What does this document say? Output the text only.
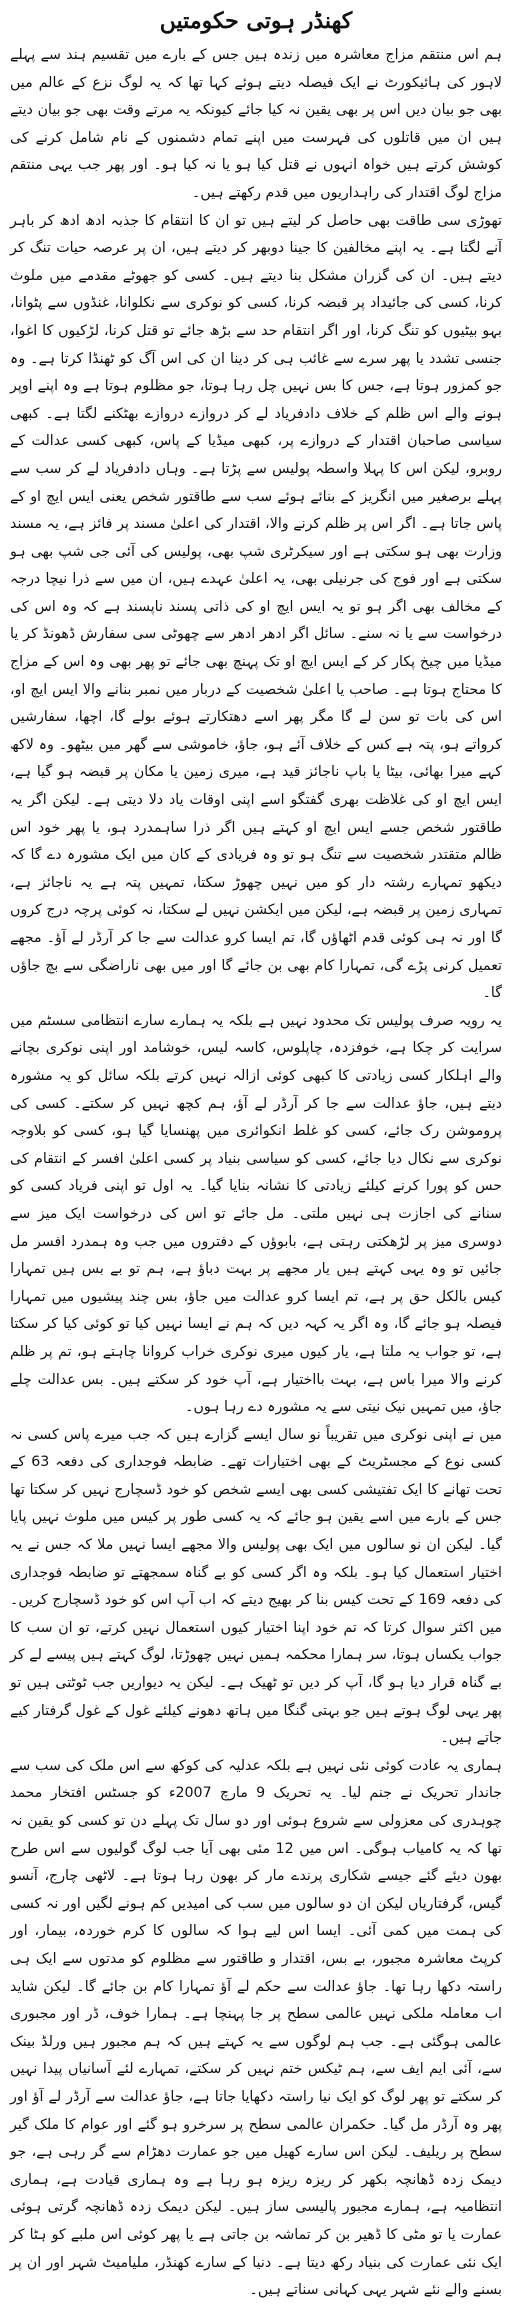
کھنڈر ہوتی حکومتیں

ہم اس منتقم مزاج معاشرہ میں زندہ ہیں جس کے بارے میں تقسیم ہند سے پہلے لاہور کی ہائیکورٹ نے ایک فیصلہ دیتے ہوئے کہا تھا کہ یہ لوگ نزع کے عالم میں بھی جو بیان دیں اس پر بھی یقین نہ کیا جائے کیونکہ یہ مرتے وقت بھی جو بیان دیتے ہیں ان میں قاتلوں کی فہرست میں اپنے تمام دشمنوں کے نام شامل کرنے کی کوشش کرتے ہیں خواہ انہوں نے قتل کیا ہو یا نہ کیا ہو۔ اور پھر جب یہی منتقم مزاج لوگ اقتدار کی راہداریوں میں قدم رکھتے ہیں۔

تھوڑی سی طاقت بھی حاصل کر لیتے ہیں تو ان کا انتقام کا جذبہ ادھ ادھ کر باہر آنے لگتا ہے۔ یہ اپنے مخالفین کا جینا دوبھر کر دیتے ہیں، ان پر عرصہ حیات تنگ کر دیتے ہیں۔ ان کی گزران مشکل بنا دیتے ہیں۔ کسی کو جھوٹے مقدمے میں ملوث کرنا، کسی کی جائیداد پر قبضہ کرنا، کسی کو نوکری سے نکلوانا، غنڈوں سے پٹوانا، بہو بیٹیوں کو تنگ کرنا، اور اگر انتقام حد سے بڑھ جائے تو قتل کرنا، لڑکیوں کا اغوا، جنسی تشدد یا پھر سرے سے غائب ہی کر دینا ان کی اس آگ کو ٹھنڈا کرتا ہے۔ وہ جو کمزور ہوتا ہے، جس کا بس نہیں چل رہا ہوتا، جو مظلوم ہوتا ہے وہ اپنے اوپر ہونے والے اس ظلم کے خلاف دادفریاد لے کر دروازے دروازے بھٹکنے لگتا ہے۔ کبھی سیاسی صاحبان اقتدار کے دروازے پر، کبھی میڈیا کے پاس، کبھی کسی عدالت کے روبرو، لیکن اس کا پہلا واسطہ پولیس سے پڑتا ہے۔ وہاں دادفریاد لے کر سب سے پہلے برصغیر میں انگریز کے بنائے ہوئے سب سے طاقتور شخص یعنی ایس ایچ او کے پاس جاتا ہے۔ اگر اس پر ظلم کرنے والا، اقتدار کی اعلیٰ مسند پر فائز ہے، یہ مسند وزارت بھی ہو سکتی ہے اور سیکرٹری شپ بھی، پولیس کی آئی جی شپ بھی ہو سکتی ہے اور فوج کی جرنیلی بھی، یہ اعلیٰ عہدے ہیں، ان میں سے ذرا نیچا درجہ کے مخالف بھی اگر ہو تو یہ ایس ایچ او کی ذاتی پسند ناپسند ہے کہ وہ اس کی درخواست سے یا نہ سنے۔ سائل اگر ادھر ادھر سے چھوٹی سی سفارش ڈھونڈ کر یا میڈیا میں چیخ پکار کر کے ایس ایچ او تک پہنچ بھی جائے تو پھر بھی وہ اس کے مزاج کا محتاج ہوتا ہے۔ صاحب یا اعلیٰ شخصیت کے دربار میں نمبر بنانے والا ایس ایچ او، اس کی بات تو سن لے گا مگر پھر اسے دھتکارتے ہوئے بولے گا، اچھا، سفارشیں کرواتے ہو، پتہ ہے کس کے خلاف آئے ہو، جاؤ، خاموشی سے گھر میں بیٹھو۔ وہ لاکھ کہے میرا بھائی، بیٹا یا باپ ناجائز قید ہے، میری زمین یا مکان پر قبضہ ہو گیا ہے، ایس ایچ او کی غلاظت بھری گفتگو اسے اپنی اوقات یاد دلا دیتی ہے۔ لیکن اگر یہ طاقتور شخص جسے ایس ایچ او کہتے ہیں اگر ذرا ساہمدرد ہو، یا پھر خود اس ظالم متقتدر شخصیت سے تنگ ہو تو وہ فریادی کے کان میں ایک مشورہ دے گا کہ دیکھو تمہارے رشتہ دار کو میں نہیں چھوڑ سکتا، تمہیں پتہ ہے یہ ناجائز ہے، تمہاری زمین پر قبضہ ہے، لیکن میں ایکشن نہیں لے سکتا، نہ کوئی پرچہ درج کروں گا اور نہ ہی کوئی قدم اٹھاؤں گا، تم ایسا کرو عدالت سے جا کر آرڈر لے آؤ۔ مجھے تعمیل کرنی پڑے گی، تمہارا کام بھی بن جائے گا اور میں بھی ناراضگی سے بچ جاؤں گا۔

یہ رویہ صرف پولیس تک محدود نہیں ہے بلکہ یہ ہمارے سارے انتظامی سسٹم میں سرایت کر چکا ہے، خوفزدہ، چاپلوس، کاسہ لیس، خوشامد اور اپنی نوکری بچانے والے اہلکار کسی زیادتی کا کبھی کوئی ازالہ نہیں کرتے بلکہ سائل کو یہ مشورہ دیتے ہیں، جاؤ عدالت سے جا کر آرڈر لے آؤ، ہم کچھ نہیں کر سکتے۔ کسی کی پروموشن رک جائے، کسی کو غلط انکوائری میں پھنسایا گیا ہو، کسی کو بلاوجہ نوکری سے نکال دیا جائے، کسی کو سیاسی بنیاد پر کسی اعلیٰ افسر کے انتقام کی حس کو پورا کرنے کیلئے زیادتی کا نشانہ بنایا گیا۔ یہ اول تو اپنی فریاد کسی کو سنانے کی اجازت ہی نہیں ملتی۔ مل جائے تو اس کی درخواست ایک میز سے دوسری میز پر لڑھکتی رہتی ہے، بابوؤں کے دفتروں میں جب وہ ہمدرد افسر مل جائیں تو وہ یہی کہتے ہیں یار مجھے پر بہت دباؤ ہے، ہم تو بے بس ہیں تمہارا کیس بالکل حق پر ہے، تم ایسا کرو عدالت میں جاؤ، بس چند پیشیوں میں تمہارا فیصلہ ہو جائے گا، وہ اگر یہ کہہ دیں کہ ہم نے ایسا نہیں کیا تو کوئی کیا کر سکتا ہے، تو جواب یہ ملتا ہے، یار کیوں میری نوکری خراب کروانا چاہتے ہو، تم پر ظلم کرنے والا میرا باس ہے، بہت بااختیار ہے، آپ خود کر سکتے ہیں۔ بس عدالت چلے جاؤ، میں تمہیں نیک نیتی سے یہ مشورہ دے رہا ہوں۔

میں نے اپنی نوکری میں تقریباً نو سال ایسے گزارے ہیں کہ جب میرے پاس کسی نہ کسی نوع کے مجسٹریٹ کے بھی اختیارات تھے۔ ضابطہ فوجداری کی دفعہ 63 کے تحت تھانے کا ایک تفتیشی کسی بھی ایسے شخص کو خود ڈسچارج نہیں کر سکتا تھا جس کے بارے میں اسے یقین ہو جائے کہ یہ کسی طور پر کیس میں ملوث نہیں پایا گیا۔ لیکن ان نو سالوں میں ایک بھی پولیس والا مجھے ایسا نہیں ملا کہ جس نے یہ اختیار استعمال کیا ہو۔ بلکہ وہ اگر کسی کو بے گناہ سمجھتے تو ضابطہ فوجداری کی دفعہ 169 کے تحت کیس بنا کر بھیج دیتے کہ اب آپ اس کو خود ڈسچارج کریں۔ میں اکثر سوال کرتا کہ تم خود اپنا اختیار کیوں استعمال نہیں کرتے، تو ان سب کا جواب یکساں ہوتا، سر ہمارا محکمہ ہمیں نہیں چھوڑتا، لوگ کہتے ہیں پیسے لے کر بے گناہ قرار دیا ہو گا، آپ کر دیں تو ٹھیک ہے۔ لیکن یہ دیواریں جب ٹوٹتی ہیں تو پھر یہی لوگ ہوتے ہیں جو بہتی گنگا میں ہاتھ دھونے کیلئے غول کے غول گرفتار کیے جاتے ہیں۔

ہماری یہ عادت کوئی نئی نہیں ہے بلکہ عدلیہ کی کوکھ سے اس ملک کی سب سے جاندار تحریک نے جنم لیا۔ یہ تحریک 9 مارچ 2007ء کو جسٹس افتخار محمد چوہدری کی معزولی سے شروع ہوئی اور دو سال تک پہلے دن تو کسی کو یقین نہ تھا کہ یہ کامیاب ہوگی۔ اس میں 12 مئی بھی آیا جب لوگ گولیوں سے اس طرح بھون دیئے گئے جیسے شکاری پرندے مار کر بھون رہا ہوتا ہے۔ لاٹھی چارج، آنسو گیس، گرفتاریاں لیکن ان دو سالوں میں سب کی امیدیں کم ہونے لگیں اور نہ کسی کی ہمت میں کمی آئی۔ ایسا اس لیے ہوا کہ سالوں کا کرم خوردہ، بیمار، اور کرپٹ معاشرہ مجبور، بے بس، اقتدار و طاقتور سے مظلوم کو مدتوں سے ایک ہی راستہ دکھا رہا تھا۔ جاؤ عدالت سے حکم لے آؤ تمہارا کام بن جائے گا۔ لیکن شاید اب معاملہ ملکی نہیں عالمی سطح پر جا پہنچا ہے۔ ہمارا خوف، ڈر اور مجبوری عالمی ہوگئی ہے۔ جب ہم لوگوں سے یہ کہتے ہیں کہ ہم مجبور ہیں ورلڈ بینک سے، آئی ایم ایف سے، ہم ٹیکس ختم نہیں کر سکتے، تمہارے لئے آسانیاں پیدا نہیں کر سکتے تو پھر لوگ کو ایک نیا راستہ دکھایا جاتا ہے، جاؤ عدالت سے آرڈر لے آؤ اور پھر وہ آرڈر مل گیا۔ حکمران عالمی سطح پر سرخرو ہو گئے اور عوام کا ملک گیر سطح پر ریلیف۔ لیکن اس سارے کھیل میں جو عمارت دھڑام سے گر رہی ہے، جو دیمک زدہ ڈھانچہ بکھر کر ریزہ ریزہ ہو رہا ہے وہ ہماری قیادت ہے، ہماری انتظامیہ ہے، ہمارے مجبور پالیسی ساز ہیں۔ لیکن دیمک زدہ ڈھانچہ گرتی ہوئی عمارت یا تو مٹی کا ڈھیر بن کر تماشہ بن جاتی ہے یا پھر کوئی اس ملبے کو ہٹا کر ایک نئی عمارت کی بنیاد رکھ دیتا ہے۔ دنیا کے سارے کھنڈر، ملیامیٹ شہر اور ان پر بسنے والے نئے شہر یہی کہانی سناتے ہیں۔
